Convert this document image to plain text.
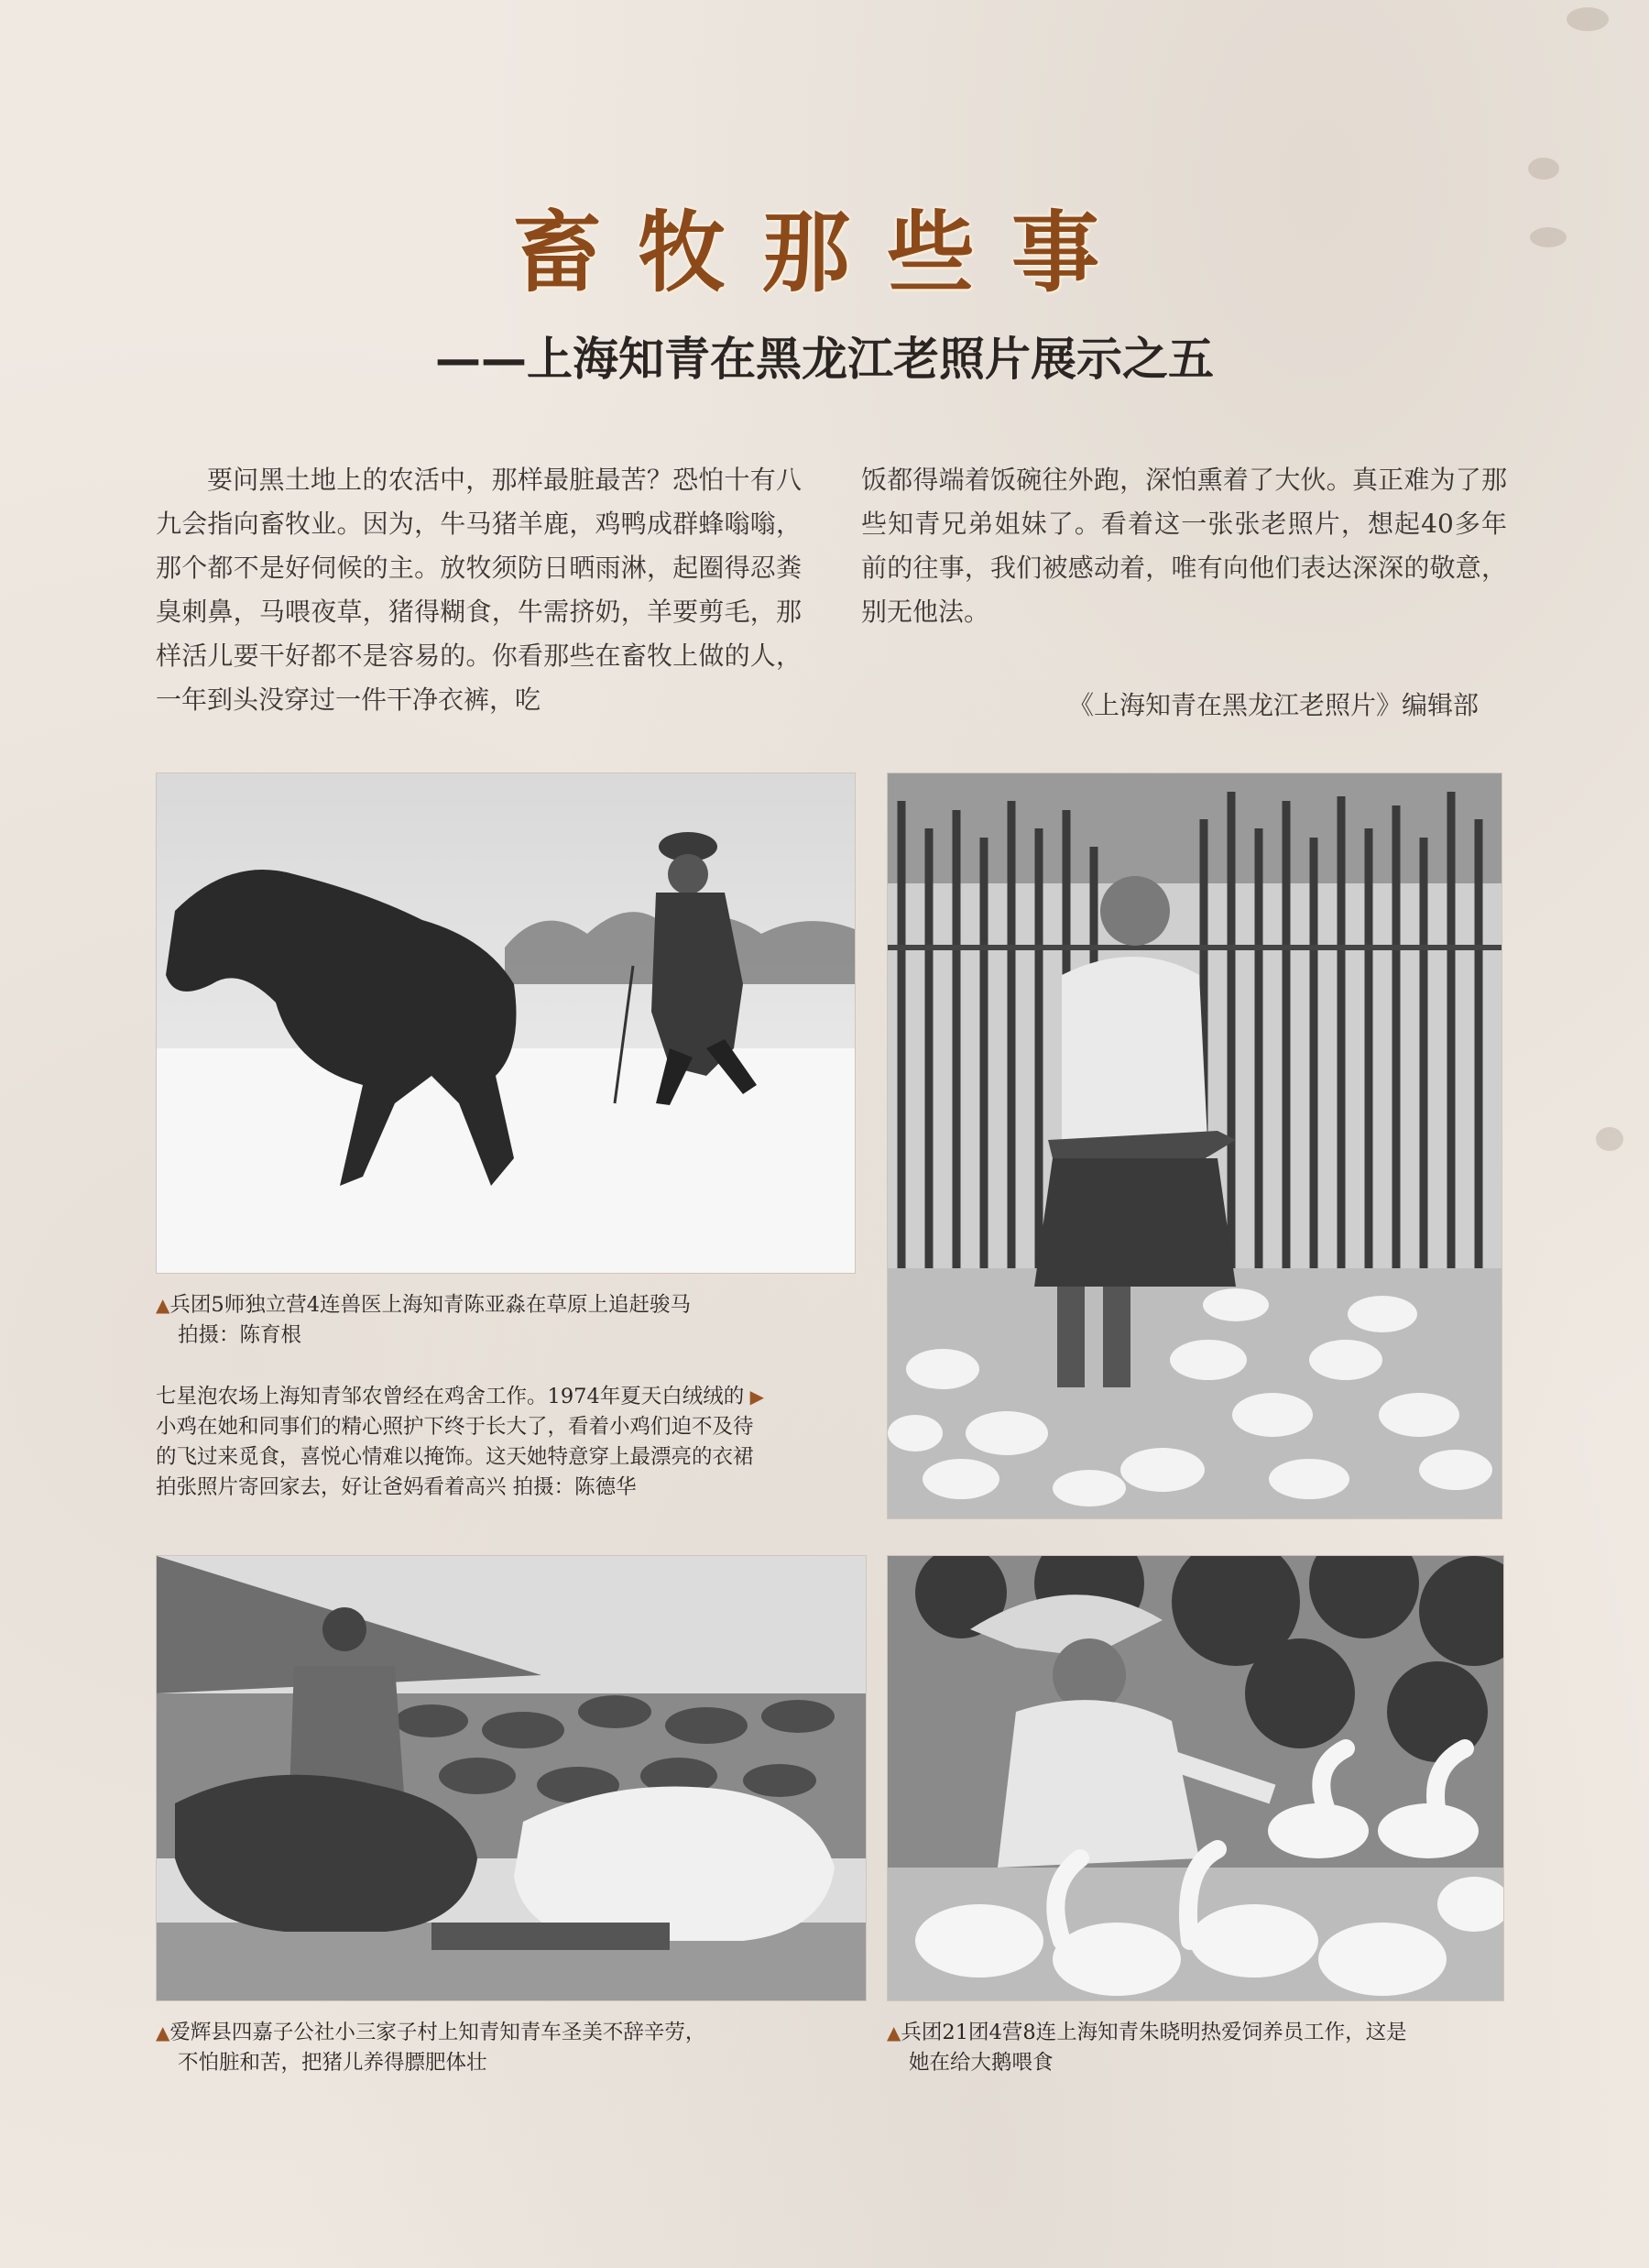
畜牧那些事
——上海知青在黑龙江老照片展示之五
要问黑土地上的农活中，那样最脏最苦？恐怕十有八九会指向畜牧业。因为，牛马猪羊鹿，鸡鸭成群蜂嗡嗡，那个都不是好伺候的主。放牧须防日晒雨淋，起圈得忍粪臭刺鼻，马喂夜草，猪得糊食，牛需挤奶，羊要剪毛，那样活儿要干好都不是容易的。你看那些在畜牧上做的人，一年到头没穿过一件干净衣裤，吃
饭都得端着饭碗往外跑，深怕熏着了大伙。真正难为了那些知青兄弟姐妹了。看着这一张张老照片，想起40多年前的往事，我们被感动着，唯有向他们表达深深的敬意，别无他法。
《上海知青在黑龙江老照片》编辑部
▲兵团5师独立营4连兽医上海知青陈亚淼在草原上追赶骏马
拍摄：陈育根
七星泡农场上海知青邹农曾经在鸡舍工作。1974年夏天白绒绒的 ▶
小鸡在她和同事们的精心照护下终于长大了，看着小鸡们迫不及待
的飞过来觅食，喜悦心情难以掩饰。这天她特意穿上最漂亮的衣裙
拍张照片寄回家去，好让爸妈看着高兴 拍摄：陈德华
▲爱辉县四嘉子公社小三家子村上知青知青车圣美不辞辛劳，
不怕脏和苦，把猪儿养得膘肥体壮
▲兵团21团4营8连上海知青朱晓明热爱饲养员工作，这是
她在给大鹅喂食
